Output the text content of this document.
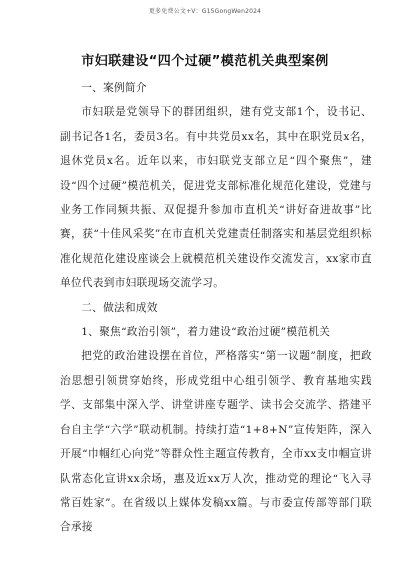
更多免费公文+V：G15GongWen2024
市妇联建设“四个过硬”模范机关典型案例

一、案例简介

市妇联是党领导下的群团组织，建有党支部1个，设书记、副书记各1名，委员3名。有中共党员xx名，其中在职党员x名，退休党员x名。近年以来，市妇联党支部立足“四个聚焦”，建设“四个过硬”模范机关，促进党支部标准化规范化建设，党建与业务工作同频共振、双促提升参加市直机关“讲好奋进故事”比赛，获“十佳风采奖”在市直机关党建责任制落实和基层党组织标准化规范化建设座谈会上就模范机关建设作交流发言，xx家市直单位代表到市妇联现场交流学习。

二、做法和成效

1、聚焦“政治引领”，着力建设“政治过硬”模范机关

把党的政治建设摆在首位，严格落实“第一议题”制度，把政治思想引领贯穿始终，形成党组中心组引领学、教育基地实践学、支部集中深入学、讲堂讲座专题学、读书会交流学、搭建平台自主学“六学”联动机制。持续打造“1+8+N”宣传矩阵，深入开展“巾帼红心向党”等群众性主题宣传教育，全市xx支巾帼宣讲队常态化宣讲xx余场，惠及近xx万人次，推动党的理论“飞入寻常百姓家”。在省级以上媒体发稿xx篇。与市委宣传部等部门联合承接
